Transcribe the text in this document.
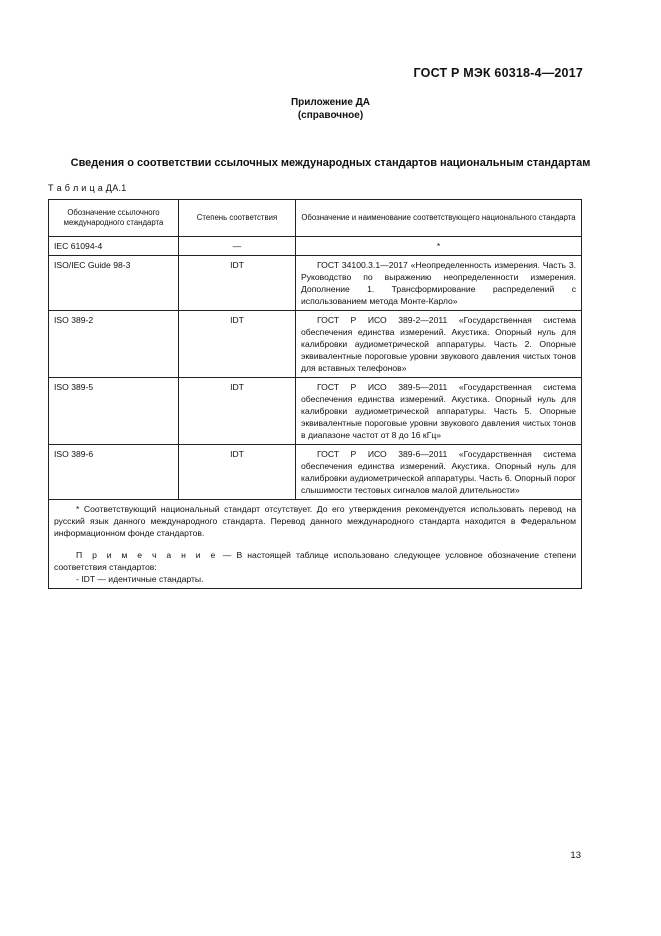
ГОСТ Р МЭК 60318-4—2017
Приложение ДА
(справочное)
Сведения о соответствии ссылочных международных стандартов национальным стандартам
Т а б л и ц а ДА.1
Обозначение ссылочного международного стандарта	Степень соответствия	Обозначение и наименование соответствующего национального стандарта
IEC 61094-4	—	*
ISO/IEC Guide 98-3	IDT	ГОСТ 34100.3.1—2017 «Неопределенность измерения. Часть 3. Руководство по выражению неопределенности измерения. Дополнение 1. Трансформирование распределений с использованием метода Монте-Карло»
ISO 389-2	IDT	ГОСТ Р ИСО 389-2—2011 «Государственная система обеспечения единства измерений. Акустика. Опорный нуль для калибровки аудиометрической аппаратуры. Часть 2. Опорные эквивалентные пороговые уровни звукового давления чистых тонов для вставных телефонов»
ISO 389-5	IDT	ГОСТ Р ИСО 389-5—2011 «Государственная система обеспечения единства измерений. Акустика. Опорный нуль для калибровки аудиометрической аппаратуры. Часть 5. Опорные эквивалентные пороговые уровни звукового давления чистых тонов в диапазоне частот от 8 до 16 кГц»
ISO 389-6	IDT	ГОСТ Р ИСО 389-6—2011 «Государственная система обеспечения единства измерений. Акустика. Опорный нуль для калибровки аудиометрической аппаратуры. Часть 6. Опорный порог слышимости тестовых сигналов малой длительности»

* Соответствующий национальный стандарт отсутствует. До его утверждения рекомендуется использовать перевод на русский язык данного международного стандарта. Перевод данного международного стандарта находится в Федеральном информационном фонде стандартов.

П р и м е ч а н и е — В настоящей таблице использовано следующее условное обозначение степени соответствия стандартов:

- IDT — идентичные стандарты.		

13
